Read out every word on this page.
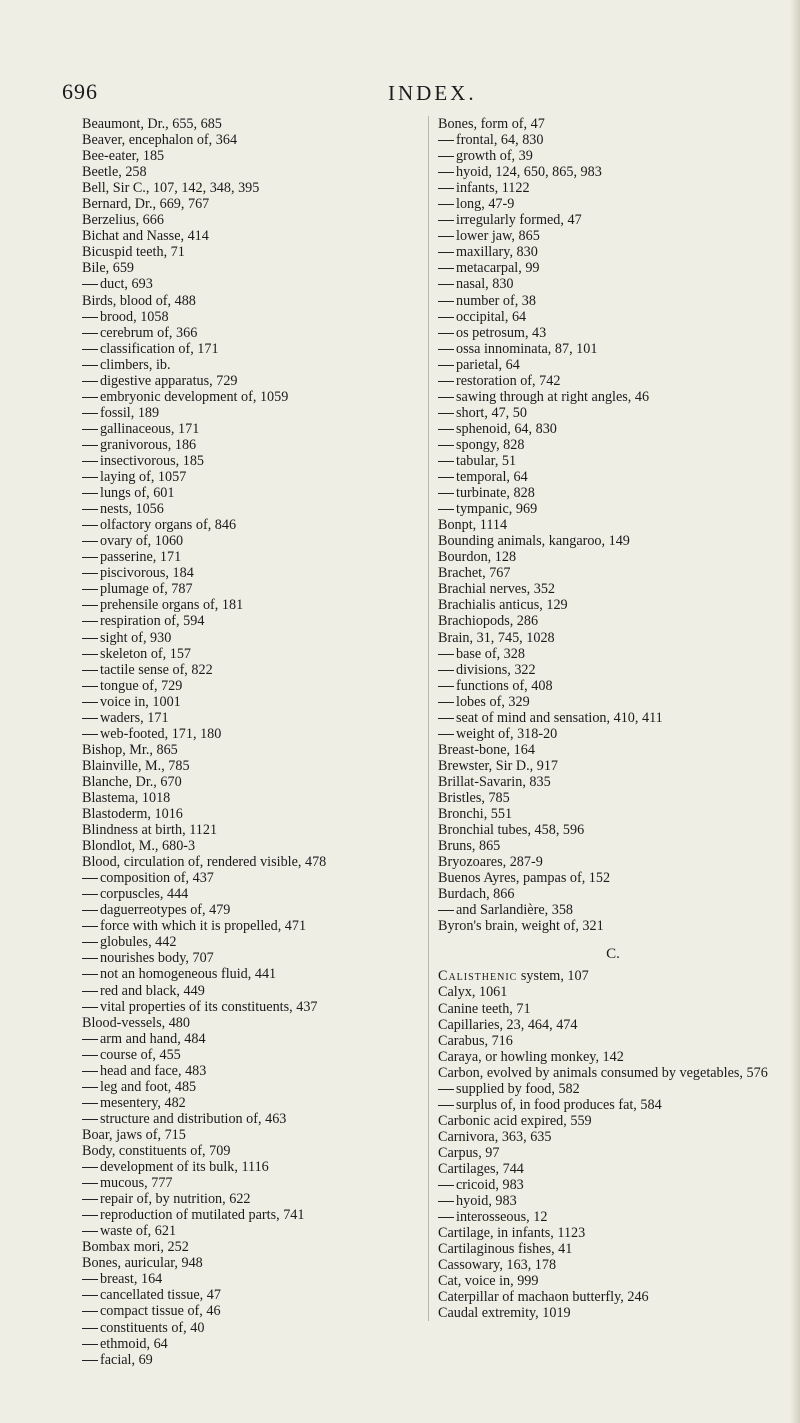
696	INDEX.
Beaumont, Dr., 655, 685
Beaver, encephalon of, 364
Bee-eater, 185
Beetle, 258
Bell, Sir C., 107, 142, 348, 395
Bernard, Dr., 669, 767
Berzelius, 666
Bichat and Nasse, 414
Bicuspid teeth, 71
Bile, 659
duct, 693
Birds, blood of, 488
brood, 1058
cerebrum of, 366
classification of, 171
climbers, ib.
digestive apparatus, 729
embryonic development of, 1059
fossil, 189
gallinaceous, 171
granivorous, 186
insectivorous, 185
laying of, 1057
lungs of, 601
nests, 1056
olfactory organs of, 846
ovary of, 1060
passerine, 171
piscivorous, 184
plumage of, 787
prehensile organs of, 181
respiration of, 594
sight of, 930
skeleton of, 157
tactile sense of, 822
tongue of, 729
voice in, 1001
waders, 171
web-footed, 171, 180
Bishop, Mr., 865
Blainville, M., 785
Blanche, Dr., 670
Blastema, 1018
Blastoderm, 1016
Blindness at birth, 1121
Blondlot, M., 680-3
Blood, circulation of, rendered visible, 478
composition of, 437
corpuscles, 444
daguerreotypes of, 479
force with which it is propelled, 471
globules, 442
nourishes body, 707
not an homogeneous fluid, 441
red and black, 449
vital properties of its constituents, 437
Blood-vessels, 480
arm and hand, 484
course of, 455
head and face, 483
leg and foot, 485
mesentery, 482
structure and distribution of, 463
Boar, jaws of, 715
Body, constituents of, 709
development of its bulk, 1116
mucous, 777
repair of, by nutrition, 622
reproduction of mutilated parts, 741
waste of, 621
Bombax mori, 252
Bones, auricular, 948
breast, 164
cancellated tissue, 47
compact tissue of, 46
constituents of, 40
ethmoid, 64
facial, 69
Bones, form of, 47
frontal, 64, 830
growth of, 39
hyoid, 124, 650, 865, 983
infants, 1122
long, 47-9
irregularly formed, 47
lower jaw, 865
maxillary, 830
metacarpal, 99
nasal, 830
number of, 38
occipital, 64
os petrosum, 43
ossa innominata, 87, 101
parietal, 64
restoration of, 742
sawing through at right angles, 46
short, 47, 50
sphenoid, 64, 830
spongy, 828
tabular, 51
temporal, 64
turbinate, 828
tympanic, 969
Bonpt, 1114
Bounding animals, kangaroo, 149
Bourdon, 128
Brachet, 767
Brachial nerves, 352
Brachialis anticus, 129
Brachiopods, 286
Brain, 31, 745, 1028
base of, 328
divisions, 322
functions of, 408
lobes of, 329
seat of mind and sensation, 410, 411
weight of, 318-20
Breast-bone, 164
Brewster, Sir D., 917
Brillat-Savarin, 835
Bristles, 785
Bronchi, 551
Bronchial tubes, 458, 596
Bruns, 865
Bryozoares, 287-9
Buenos Ayres, pampas of, 152
Burdach, 866
and Sarlandière, 358
Byron's brain, weight of, 321
C.
Calisthenic system, 107
Calyx, 1061
Canine teeth, 71
Capillaries, 23, 464, 474
Carabus, 716
Caraya, or howling monkey, 142
Carbon, evolved by animals consumed by vegetables, 576
supplied by food, 582
surplus of, in food produces fat, 584
Carbonic acid expired, 559
Carnivora, 363, 635
Carpus, 97
Cartilages, 744
cricoid, 983
hyoid, 983
interosseous, 12
Cartilage, in infants, 1123
Cartilaginous fishes, 41
Cassowary, 163, 178
Cat, voice in, 999
Caterpillar of machaon butterfly, 246
Caudal extremity, 1019
